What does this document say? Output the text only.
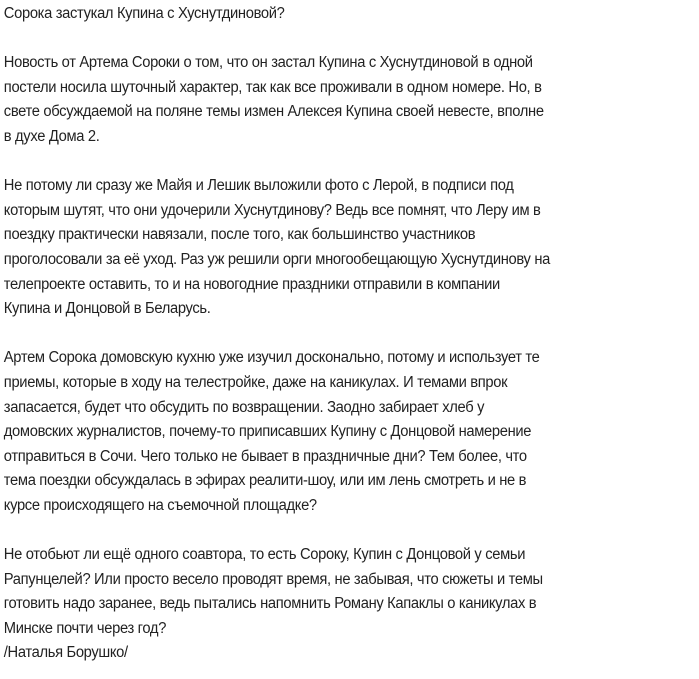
Сорока застукал Купина с Хуснутдиновой?
Новость от Артема Сороки о том, что он застал Купина с Хуснутдиновой в одной
постели носила шуточный характер, так как все проживали в одном номере. Но, в
свете обсуждаемой на поляне темы измен Алексея Купина своей невесте, вполне
в духе Дома 2.
Не потому ли сразу же Майя и Лешик выложили фото с Лерой, в подписи под
которым шутят, что они удочерили Хуснутдинову? Ведь все помнят, что Леру им в
поездку практически навязали, после того, как большинство участников
проголосовали за её уход. Раз уж решили орги многообещающую Хуснутдинову на
телепроекте оставить, то и на новогодние праздники отправили в компании
Купина и Донцовой в Беларусь.
Артем Сорока домовскую кухню уже изучил досконально, потому и использует те
приемы, которые в ходу на телестройке, даже на каникулах. И темами впрок
запасается, будет что обсудить по возвращении. Заодно забирает хлеб у
домовских журналистов, почему-то приписавших Купину с Донцовой намерение
отправиться в Сочи. Чего только не бывает в праздничные дни? Тем более, что
тема поездки обсуждалась в эфирах реалити-шоу, или им лень смотреть и не в
курсе происходящего на съемочной площадке?
Не отобьют ли ещё одного соавтора, то есть Сороку, Купин с Донцовой у семьи
Рапунцелей? Или просто весело проводят время, не забывая, что сюжеты и темы
готовить надо заранее, ведь пытались напомнить Роману Капаклы о каникулах в
Минске почти через год?
/Наталья Борушко/
